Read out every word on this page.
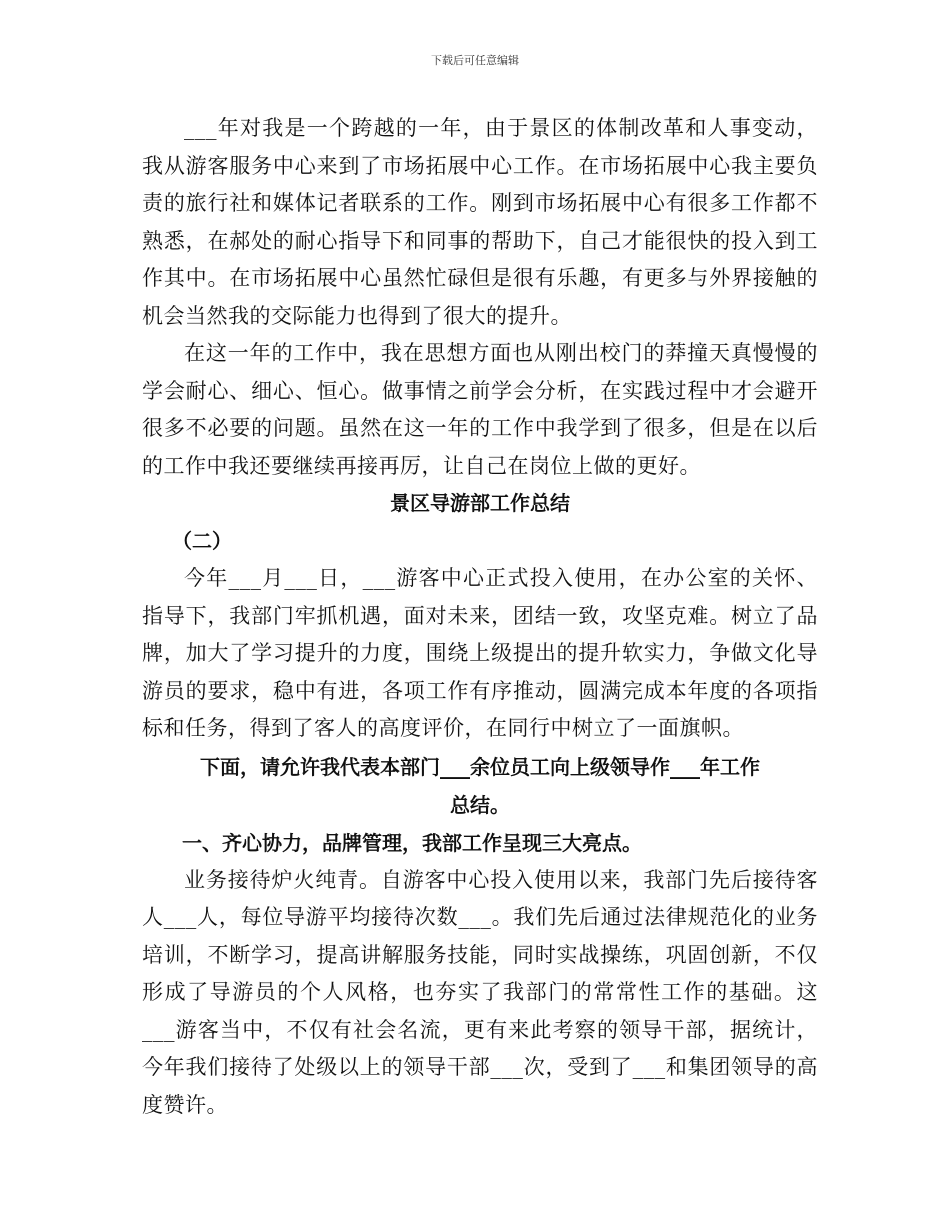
下载后可任意编辑

___年对我是一个跨越的一年，由于景区的体制改革和人事变动，我从游客服务中心来到了市场拓展中心工作。在市场拓展中心我主要负责的旅行社和媒体记者联系的工作。刚到市场拓展中心有很多工作都不熟悉，在郝处的耐心指导下和同事的帮助下，自己才能很快的投入到工作其中。在市场拓展中心虽然忙碌但是很有乐趣，有更多与外界接触的机会当然我的交际能力也得到了很大的提升。

在这一年的工作中，我在思想方面也从刚出校门的莽撞天真慢慢的学会耐心、细心、恒心。做事情之前学会分析，在实践过程中才会避开很多不必要的问题。虽然在这一年的工作中我学到了很多，但是在以后的工作中我还要继续再接再厉，让自己在岗位上做的更好。

景区导游部工作总结

（二）

今年___月___日，___游客中心正式投入使用，在办公室的关怀、指导下，我部门牢抓机遇，面对未来，团结一致，攻坚克难。树立了品牌，加大了学习提升的力度，围绕上级提出的提升软实力，争做文化导游员的要求，稳中有进，各项工作有序推动，圆满完成本年度的各项指标和任务，得到了客人的高度评价，在同行中树立了一面旗帜。

下面，请允许我代表本部门___余位员工向上级领导作___年工作

总结。

一、齐心协力，品牌管理，我部工作呈现三大亮点。

业务接待炉火纯青。自游客中心投入使用以来，我部门先后接待客人___人，每位导游平均接待次数___。我们先后通过法律规范化的业务培训，不断学习，提高讲解服务技能，同时实战操练，巩固创新，不仅形成了导游员的个人风格，也夯实了我部门的常常性工作的基础。这___游客当中，不仅有社会名流，更有来此考察的领导干部，据统计，今年我们接待了处级以上的领导干部___次，受到了___和集团领导的高度赞许。
